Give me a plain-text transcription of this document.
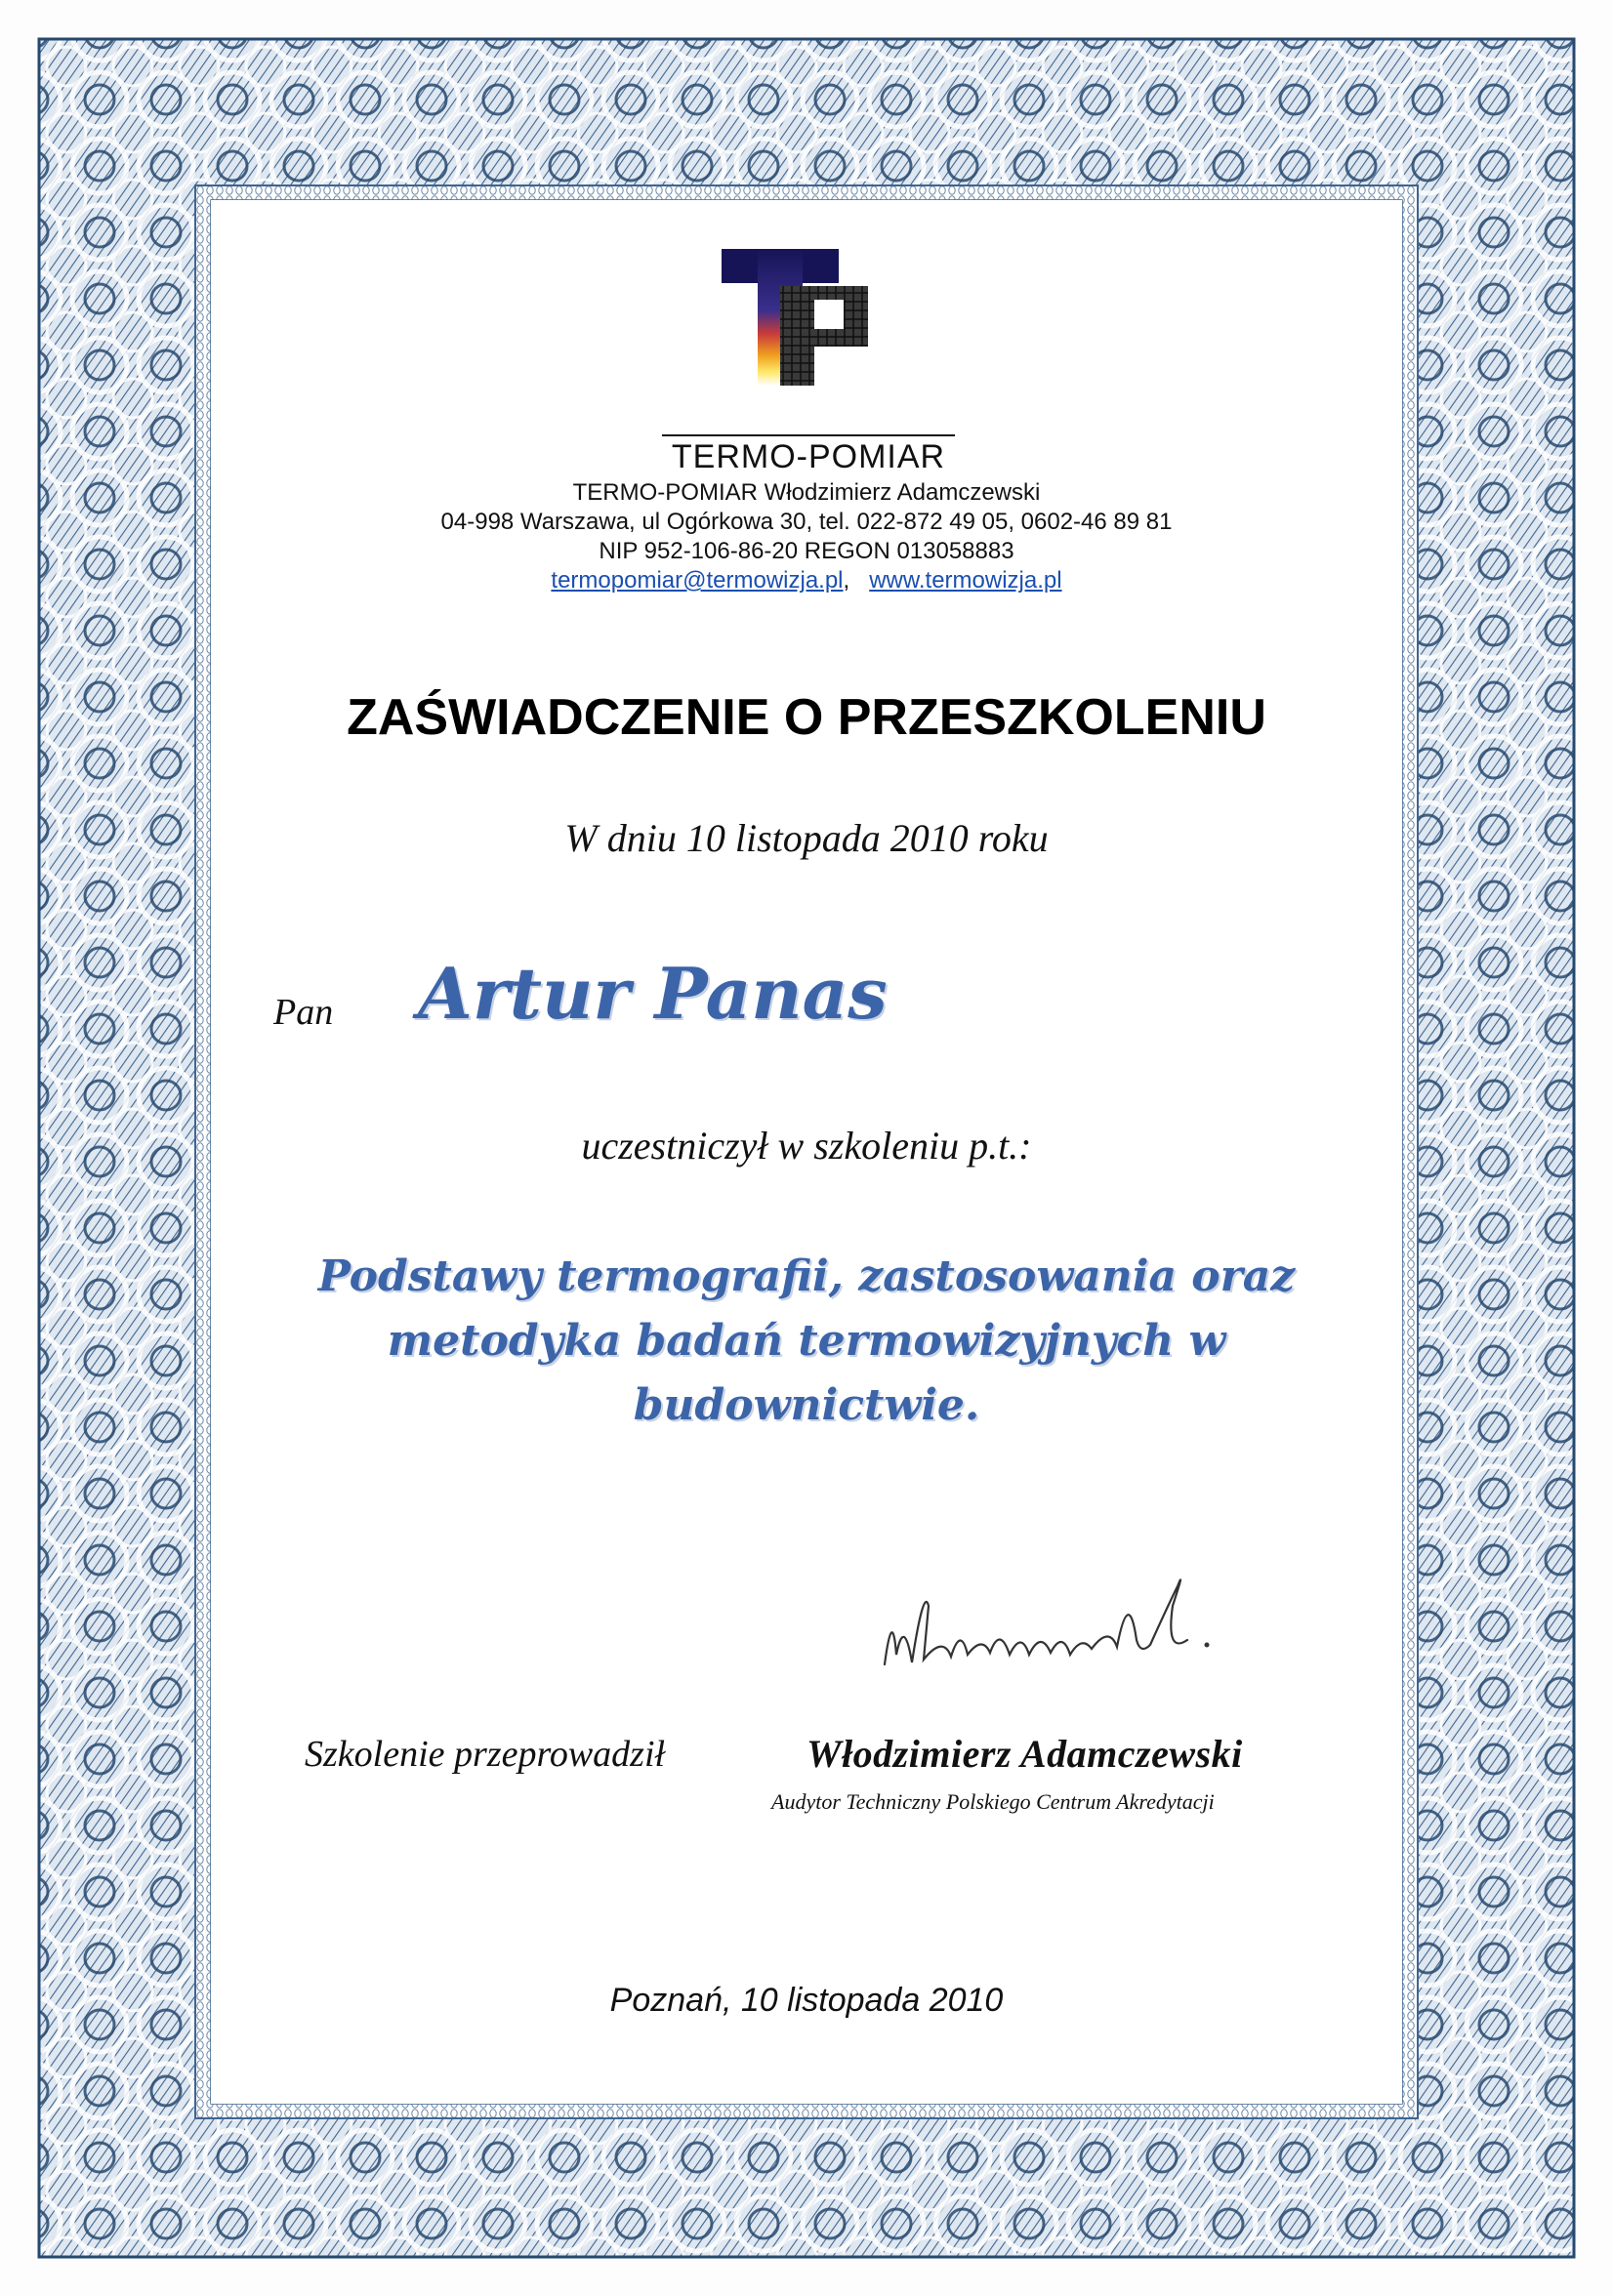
TERMO-POMIAR
TERMO-POMIAR Włodzimierz Adamczewski
04-998 Warszawa, ul Ogórkowa 30, tel. 022-872 49 05, 0602-46 89 81
NIP 952-106-86-20 REGON 013058883
termopomiar@termowizja.pl, www.termowizja.pl
ZAŚWIADCZENIE O PRZESZKOLENIU
W dniu 10 listopada 2010 roku
Pan Artur Panas
uczestniczył w szkoleniu p.t.:
Podstawy termografii, zastosowania oraz
metodyka badań termowizyjnych w
budownictwie.
Szkolenie przeprowadził	Włodzimierz Adamczewski
Audytor Techniczny Polskiego Centrum Akredytacji
Poznań, 10 listopada 2010
